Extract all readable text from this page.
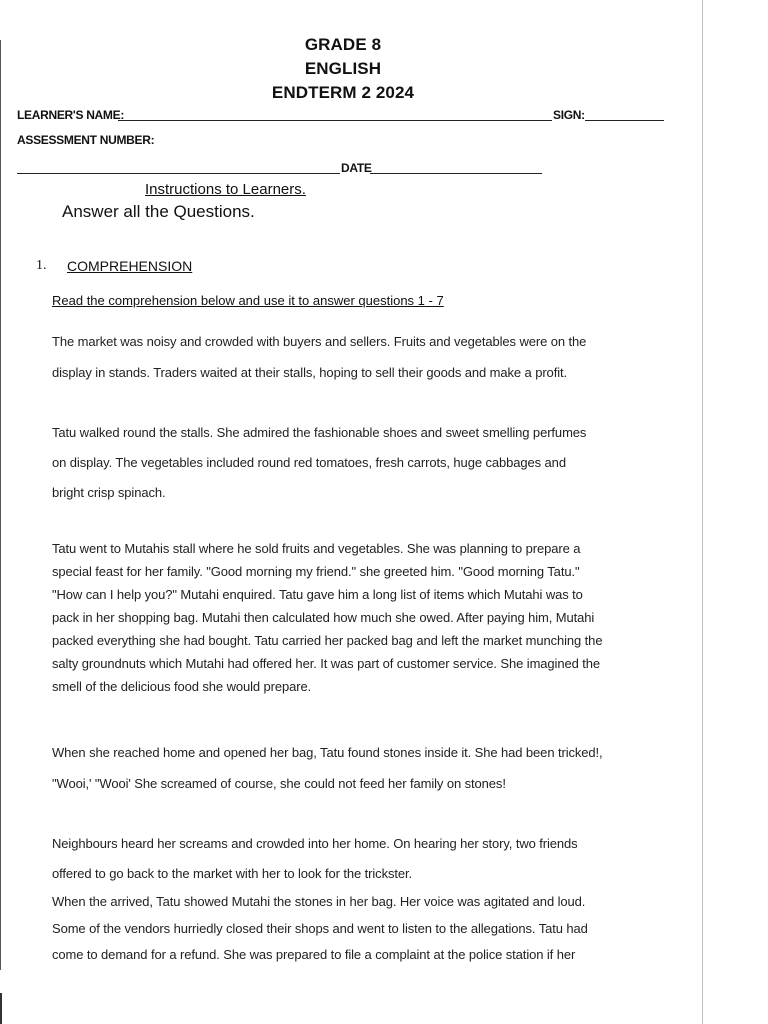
GRADE 8
ENGLISH
ENDTERM 2 2024
LEARNER'S NAME:	SIGN:
ASSESSMENT NUMBER:
DATE
Instructions to Learners.
Answer all the Questions.
1. COMPREHENSION
Read the comprehension below and use it to answer questions 1 - 7
The market was noisy and crowded with buyers and sellers. Fruits and vegetables were on the
display in stands. Traders waited at their stalls, hoping to sell their goods and make a profit.
Tatu walked round the stalls. She admired the fashionable shoes and sweet smelling perfumes
on display. The vegetables included round red tomatoes, fresh carrots, huge cabbages and
bright crisp spinach.
Tatu went to Mutahis stall where he sold fruits and vegetables. She was planning to prepare a
special feast for her family. "Good morning my friend." she greeted him. "Good morning Tatu."
"How can I help you?" Mutahi enquired. Tatu gave him a long list of items which Mutahi was to
pack in her shopping bag. Mutahi then calculated how much she owed. After paying him, Mutahi
packed everything she had bought. Tatu carried her packed bag and left the market munching the
salty groundnuts which Mutahi had offered her. It was part of customer service. She imagined the
smell of the delicious food she would prepare.
When she reached home and opened her bag, Tatu found stones inside it. She had been tricked!,
"Wooi,' "Wooi' She screamed of course, she could not feed her family on stones!
Neighbours heard her screams and crowded into her home. On hearing her story, two friends
offered to go back to the market with her to look for the trickster.
When the arrived, Tatu showed Mutahi the stones in her bag. Her voice was agitated and loud.
Some of the vendors hurriedly closed their shops and went to listen to the allegations. Tatu had
come to demand for a refund. She was prepared to file a complaint at the police station if her
